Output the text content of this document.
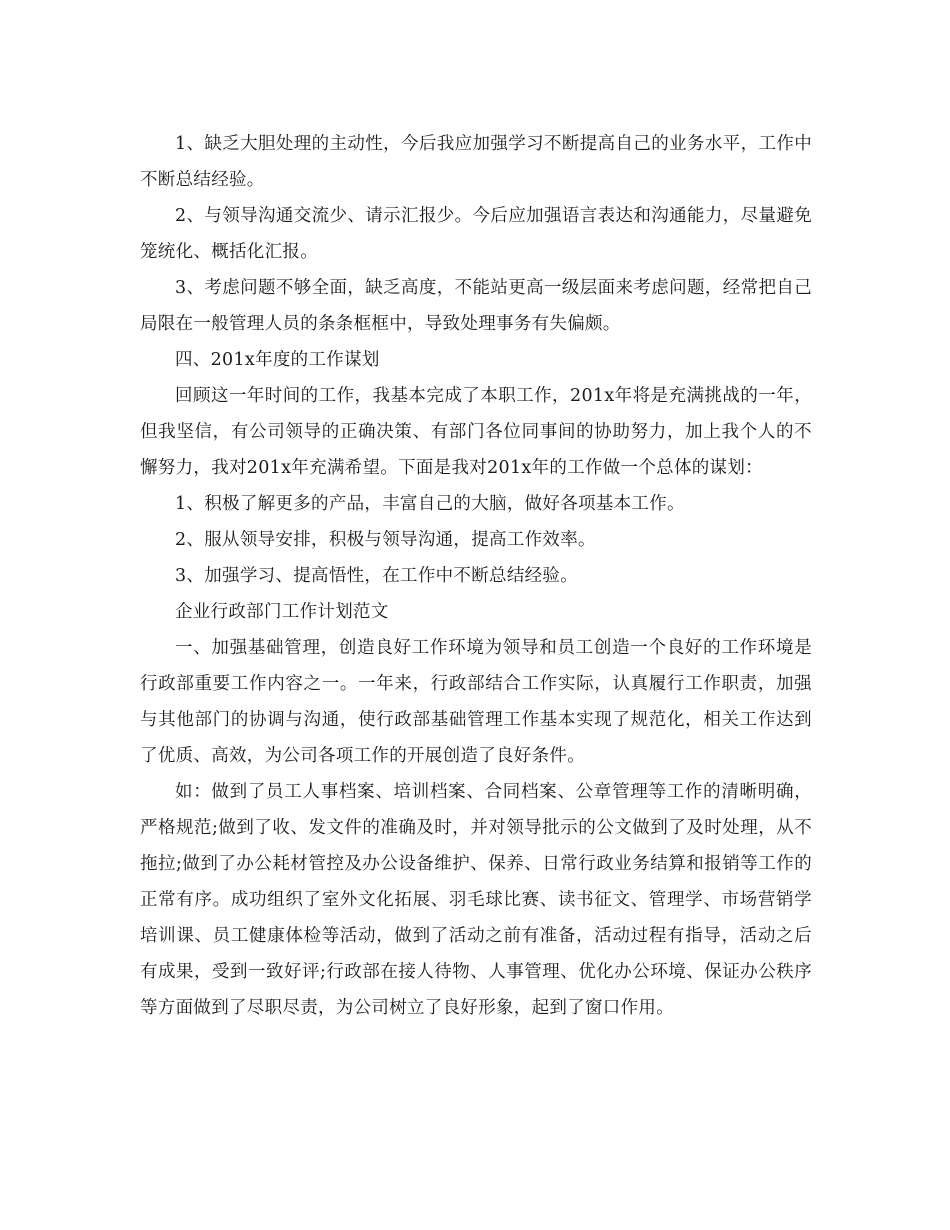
1、缺乏大胆处理的主动性，今后我应加强学习不断提高自己的业务水平，工作中不断总结经验。

2、与领导沟通交流少、请示汇报少。今后应加强语言表达和沟通能力，尽量避免笼统化、概括化汇报。

3、考虑问题不够全面，缺乏高度，不能站更高一级层面来考虑问题，经常把自己局限在一般管理人员的条条框框中，导致处理事务有失偏颇。

四、201x年度的工作谋划

回顾这一年时间的工作，我基本完成了本职工作，201x年将是充满挑战的一年，但我坚信，有公司领导的正确决策、有部门各位同事间的协助努力，加上我个人的不懈努力，我对201x年充满希望。下面是我对201x年的工作做一个总体的谋划：

1、积极了解更多的产品，丰富自己的大脑，做好各项基本工作。

2、服从领导安排，积极与领导沟通，提高工作效率。

3、加强学习、提高悟性，在工作中不断总结经验。

企业行政部门工作计划范文

一、加强基础管理，创造良好工作环境为领导和员工创造一个良好的工作环境是行政部重要工作内容之一。一年来，行政部结合工作实际，认真履行工作职责，加强与其他部门的协调与沟通，使行政部基础管理工作基本实现了规范化，相关工作达到了优质、高效，为公司各项工作的开展创造了良好条件。

如：做到了员工人事档案、培训档案、合同档案、公章管理等工作的清晰明确，严格规范;做到了收、发文件的准确及时，并对领导批示的公文做到了及时处理，从不拖拉;做到了办公耗材管控及办公设备维护、保养、日常行政业务结算和报销等工作的正常有序。成功组织了室外文化拓展、羽毛球比赛、读书征文、管理学、市场营销学培训课、员工健康体检等活动，做到了活动之前有准备，活动过程有指导，活动之后有成果，受到一致好评;行政部在接人待物、人事管理、优化办公环境、保证办公秩序等方面做到了尽职尽责，为公司树立了良好形象，起到了窗口作用。
